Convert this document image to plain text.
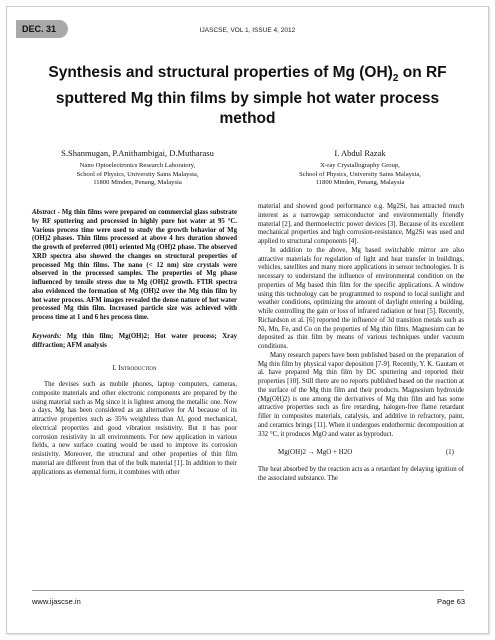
DEC. 31	IJASCSE, VOL 1, ISSUE 4, 2012
Synthesis and structural properties of Mg $(OH)_2$ on RF sputtered Mg thin films by simple hot water process method
S.Shanmugan, P.Anithambigai, D.Mutharasu
Nano Optoelectronics Research Laboratory,
School of Physics, University Sains Malaysia,
11800 Minden, Penang, Malaysia
I. Abdul Razak
X-ray Crystallography Group,
School of Physics, University Sains Malaysia,
11800 Minden, Penang, Malaysia

Abstract - Mg thin films were prepared on commercial glass substrate by RF sputtering and processed in highly pure hot water at 95 °C. Various process time were used to study the growth behavior of Mg (OH)2 phases. Thin films processed at above 4 hrs duration showed the growth of preferred (001) oriented Mg (OH)2 phase. The observed XRD spectra also showed the changes on structural properties of processed Mg thin films. The nano (< 12 nm) size crystals were observed in the processed samples. The properties of Mg phase influenced by tensile stress due to Mg (OH)2 growth. FTIR spectra also evidenced the formation of Mg (OH)2 over the Mg thin film by hot water process. AFM images revealed the dense nature of hot water processed Mg thin film. Increased particle size was achieved with process time at 1 and 6 hrs process time.

Keywords: Mg thin film; Mg(OH)2; Hot water process; Xray diffraction; AFM analysis

I. Introduction

The devises such as mobile phones, laptop computers, cameras, composite materials and other electronic components are prepared by the using material such as Mg since it is lightest among the metallic one. Now a days, Mg has been considered as an alternative for Al because of its attractive properties such as 35% weightless than Al, good mechanical, electrical properties and good vibration resistivity. But it has poor corrosion resistivity in all environments. For new application in various fields, a new surface coating would be used to improve its corrosion resistivity. Moreover, the structural and other properties of thin film material are different from that of the bulk material [1]. In addition to their applications as elemental form, it combines with other

material and showed good performance e.g. Mg2Si, has attracted much interest as a narrowgap semiconductor and environmentally friendly material [2], and thermoelectric power devices [3]. Because of its excellent mechanical properties and high corrosion-resistance, Mg2Si was used and applied to structural components [4].

In addition to the above, Mg based switchable mirror are also attractive materials for regulation of light and heat transfer in buildings, vehicles, satellites and many more applications in sensor technologies. It is necessary to understand the influence of environmental condition on the properties of Mg based thin film for the specific applications. A window using this technology can be programmed to respond to local sunlight and weather conditions, optimizing the amount of daylight entering a building, while controlling the gain or loss of infrared radiation or heat [5]. Recently, Richardson et al. [6] reported the influence of 3d transition metals such as Ni, Mn, Fe, and Co on the properties of Mg thin films. Magnesium can be deposited as thin film by means of various techniques under vacuum conditions.

Many research papers have been published based on the preparation of Mg thin film by physical vapor deposition [7-9]. Recently, Y. K. Gautam et al. have prepared Mg thin film by DC sputtering and reported their properties [10]. Still there are no reports published based on the reaction at the surface of the Mg thin film and their products. Magnesium hydroxide (Mg(OH)2) is one among the derivatives of Mg thin film and has some attractive properties such as fire retarding, halogen-free flame retardant filler in composites materials, catalysis, and additive in refractory, paint, and ceramics brings [11]. When it undergoes endothermic decomposition at 332 °C, it produces MgO and water as byproduct.

Mg(OH)2 → MgO + H2O	(1)

The heat absorbed by the reaction acts as a retardant by delaying ignition of the associated substance. The

www.ijascse.in	Page 63
